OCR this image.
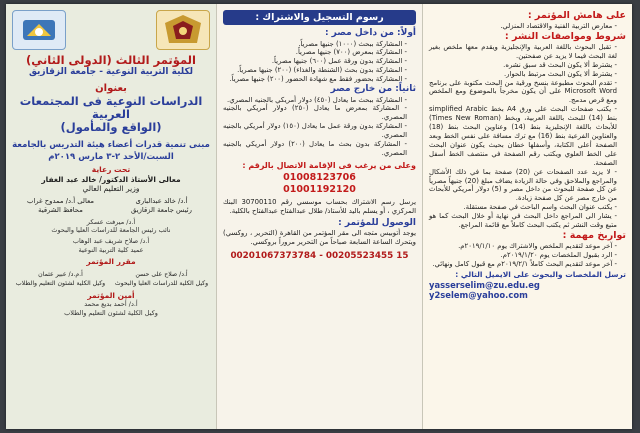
المؤتمر الثالث (الدولى الثاني)
لكلية التربية النوعية - جامعة الزقازيق
بعنوان
الدراسات النوعية فى المجتمعات العربية
(الواقع والمأمول)
مبنى تنمية قدرات أعضاء هيئة التدريس بالجامعة
السبت/الأحد ٢-٣ مارس ٢٠١٩م
تحت رعاية
معالى الأستاذ الدكتور/ خالد عبد الغفار
وزير التعليم العالي
أ.د/ خالد عبدالبارى
معالى أ.د/ ممدوح غراب
رئيس جامعة الزقازيق
محافظ الشرقية
أ.د/ ميرفت عسكر
نائب رئيس الجامعة للدراسات العليا والبحوث
أ.د/ صلاح شريف عبد الوهاب
عميد كلية التربية النوعية
مقرر المؤتمر
أ.د/ صلاح على حسن
أ.م.د/ عبير عثمان
وكيل الكلية للدراسات العليا والبحوث
وكيل الكلية لشئون التعليم والطلاب
أمين المؤتمر
أ.د/ أحمد بديع محمد
وكيل الكلية لشئون التعليم والطلاب
رسوم التسجيل والاشتراك :
أولاً: من داخل مصر :
- المشاركة ببحث (١٠٠٠) جنيها مصرياً.
- المشاركة بمعرض (٧٠٠) جنيها مصرياً.
- المشاركة بدون ورقة عمل (٦٠٠) جنيها مصرياً.
- المشاركة بدون بحث (الشنطة والغذاء) (٢٠٠) جنيها مصرياً.
- المشاركة بحضور فقط مع شهادة الحضور (٢٠٠) جنيها مصرياً.
ثانياً: من خارج مصر
- المشاركة ببحث ما يعادل (٤٥٠) دولار أمريكي بالجنيه المصري.
- المشاركة بمعرض ما يعادل (٢٥٠) دولار أمريكي بالجنيه المصري.
- المشاركة بدون ورقة عمل ما يعادل (١٥٠) دولار أمريكي بالجنيه المصري.
- المشاركة بدون بحث ما يعادل (٢٠٠) دولار أمريكي بالجنيه المصري.
وعلى من يرغب فى الإقامة الاتصال بالرقم :
01008123706
01001192120
يرسل رسم الاشتراك بحساب موسسي رقم 30700110 البنك المركزي ، أو يسلم باليد للأستاذ/ طلال عبدالفتاح عبدالفتاح بالكلية.
الوصول للمؤتمر :
يوجد أتوبيس متجه الى مقر المؤتمر من القاهرة (التحرير ، روكسي) ويتحرك الساعة السابعة صباحاً من التحرير مروراً بروكسي.
00201067373784 - 00205523455 15
على هامش المؤتمر :
- معارض التربية الفنية والاقتصاد المنزلي.
شروط ومواصفات النشر :
- تقبل البحوث باللغة العربية والإنجليزية ويقدم معها ملخص بغير لغة البحث فيما لا يزيد عن صفحتين.
- يشترط ألا يكون البحث قد سبق نشره.
- يشترط ألا يكون البحث مرتبط بالحوار.
- تقدم البحوث مطبوعة بنسخ ورقية من البحث مكتوبة على برنامج Microsoft Word على أن يكون مخرجاً بالموضوع ومع الملخص ومع قرص مدمج.
- يكتب صفحات البحث على ورق A4 بخط simplified Arabic بنط (14) للبحث باللغة العربية، وبخط (Times New Roman) للأبحاث باللغة الإنجليزية بنط (14) وعناوين البحث بنط (18) والعناوين الفرعية بنط (16) مع ترك مسافة على نفس الخط وبعد الصفحة أعلى الكتابة، وأسفلها خطان بحيث يكون عنوان البحث على الخط العلوي ويكتب رقم الصفحة في منتصف الخط أسفل الصفحة.
- لا يزيد عدد الصفحات عن (20) صفحة بما في ذلك الأشكال والمراجع والملاحق وفي حالة الزيادة يضاف مبلغ (20) جنيهاً مصرياً عن كل صفحة للبحوث من داخل مصر و (5) دولار أمريكي للأبحاث من خارج مصر عن كل صفحة زيادة.
- يكتب عنوان البحث واسم الباحث في صفحة مستقلة.
- يشار الى المراجع داخل البحث في نهاية أو خلال البحث كما هو متبع وقت النشر ثم يكتب البحث كاملاً مع قائمة المراجع.
تواريخ مهمة :
- آخر موعد لتقديم الملخص والاشتراك يوم ٢٠١٩/١/١٠م.
- الرد بقبول الملخصات يوم ٢٠١٩/١/٢٠م.
- آخر موعد لتقديم البحث كاملاً ٢٠١٩/٢/١م مع قبول كامل ونهائي.
ترسل الملخصات والبحوث على الايميل التالي :
yasserselim@zu.edu.eg
y2selem@yahoo.com
